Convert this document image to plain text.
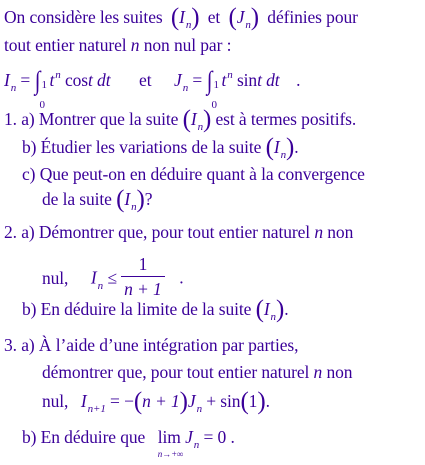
On considère les suites $(I_n)$ et $(J_n)$ définies pour
tout entier naturel n non nul par :
$I_n$ = ∫ 1
0
$t^n$ cost dt et $J_n$ = ∫ 1
0
$t^n$ sint dt .
1. a) Montrer que la suite $(I_n)$ est à termes positifs.
b) Étudier les variations de la suite $(I_n)$.
c) Que peut-on en déduire quant à la convergence
de la suite $(I_n)$?
2. a) Démontrer que, pour tout entier naturel n non
nul, $I_n \le \frac{1}{n + 1}$ .
b) En déduire la limite de la suite $(I_n)$.
3. a) À l’aide d’une intégration par parties,
démontrer que, pour tout entier naturel n non
nul, $I_{n+1} = -(n + 1)J_n + \sin(1)$.
b) En déduire que lim
n→+∞
$J_n = 0$ .
